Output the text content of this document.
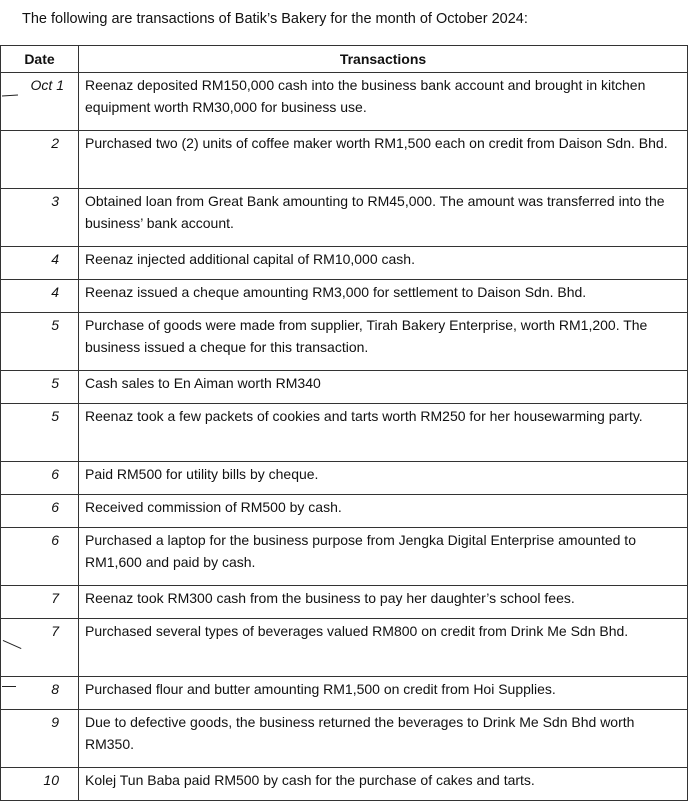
The following are transactions of Batik’s Bakery for the month of October 2024:
Date	Transactions
Oct 1	Reenaz deposited RM150,000 cash into the business bank account and brought in kitchen equipment worth RM30,000 for business use.
2	Purchased two (2) units of coffee maker worth RM1,500 each on credit from Daison Sdn. Bhd.
3	Obtained loan from Great Bank amounting to RM45,000. The amount was transferred into the business’ bank account.
4	Reenaz injected additional capital of RM10,000 cash.
4	Reenaz issued a cheque amounting RM3,000 for settlement to Daison Sdn. Bhd.
5	Purchase of goods were made from supplier, Tirah Bakery Enterprise, worth RM1,200. The business issued a cheque for this transaction.
5	Cash sales to En Aiman worth RM340
5	Reenaz took a few packets of cookies and tarts worth RM250 for her housewarming party.
6	Paid RM500 for utility bills by cheque.
6	Received commission of RM500 by cash.
6	Purchased a laptop for the business purpose from Jengka Digital Enterprise amounted to RM1,600 and paid by cash.
7	Reenaz took RM300 cash from the business to pay her daughter’s school fees.
7	Purchased several types of beverages valued RM800 on credit from Drink Me Sdn Bhd.
8	Purchased flour and butter amounting RM1,500 on credit from Hoi Supplies.
9	Due to defective goods, the business returned the beverages to Drink Me Sdn Bhd worth RM350.
10	Kolej Tun Baba paid RM500 by cash for the purchase of cakes and tarts.
